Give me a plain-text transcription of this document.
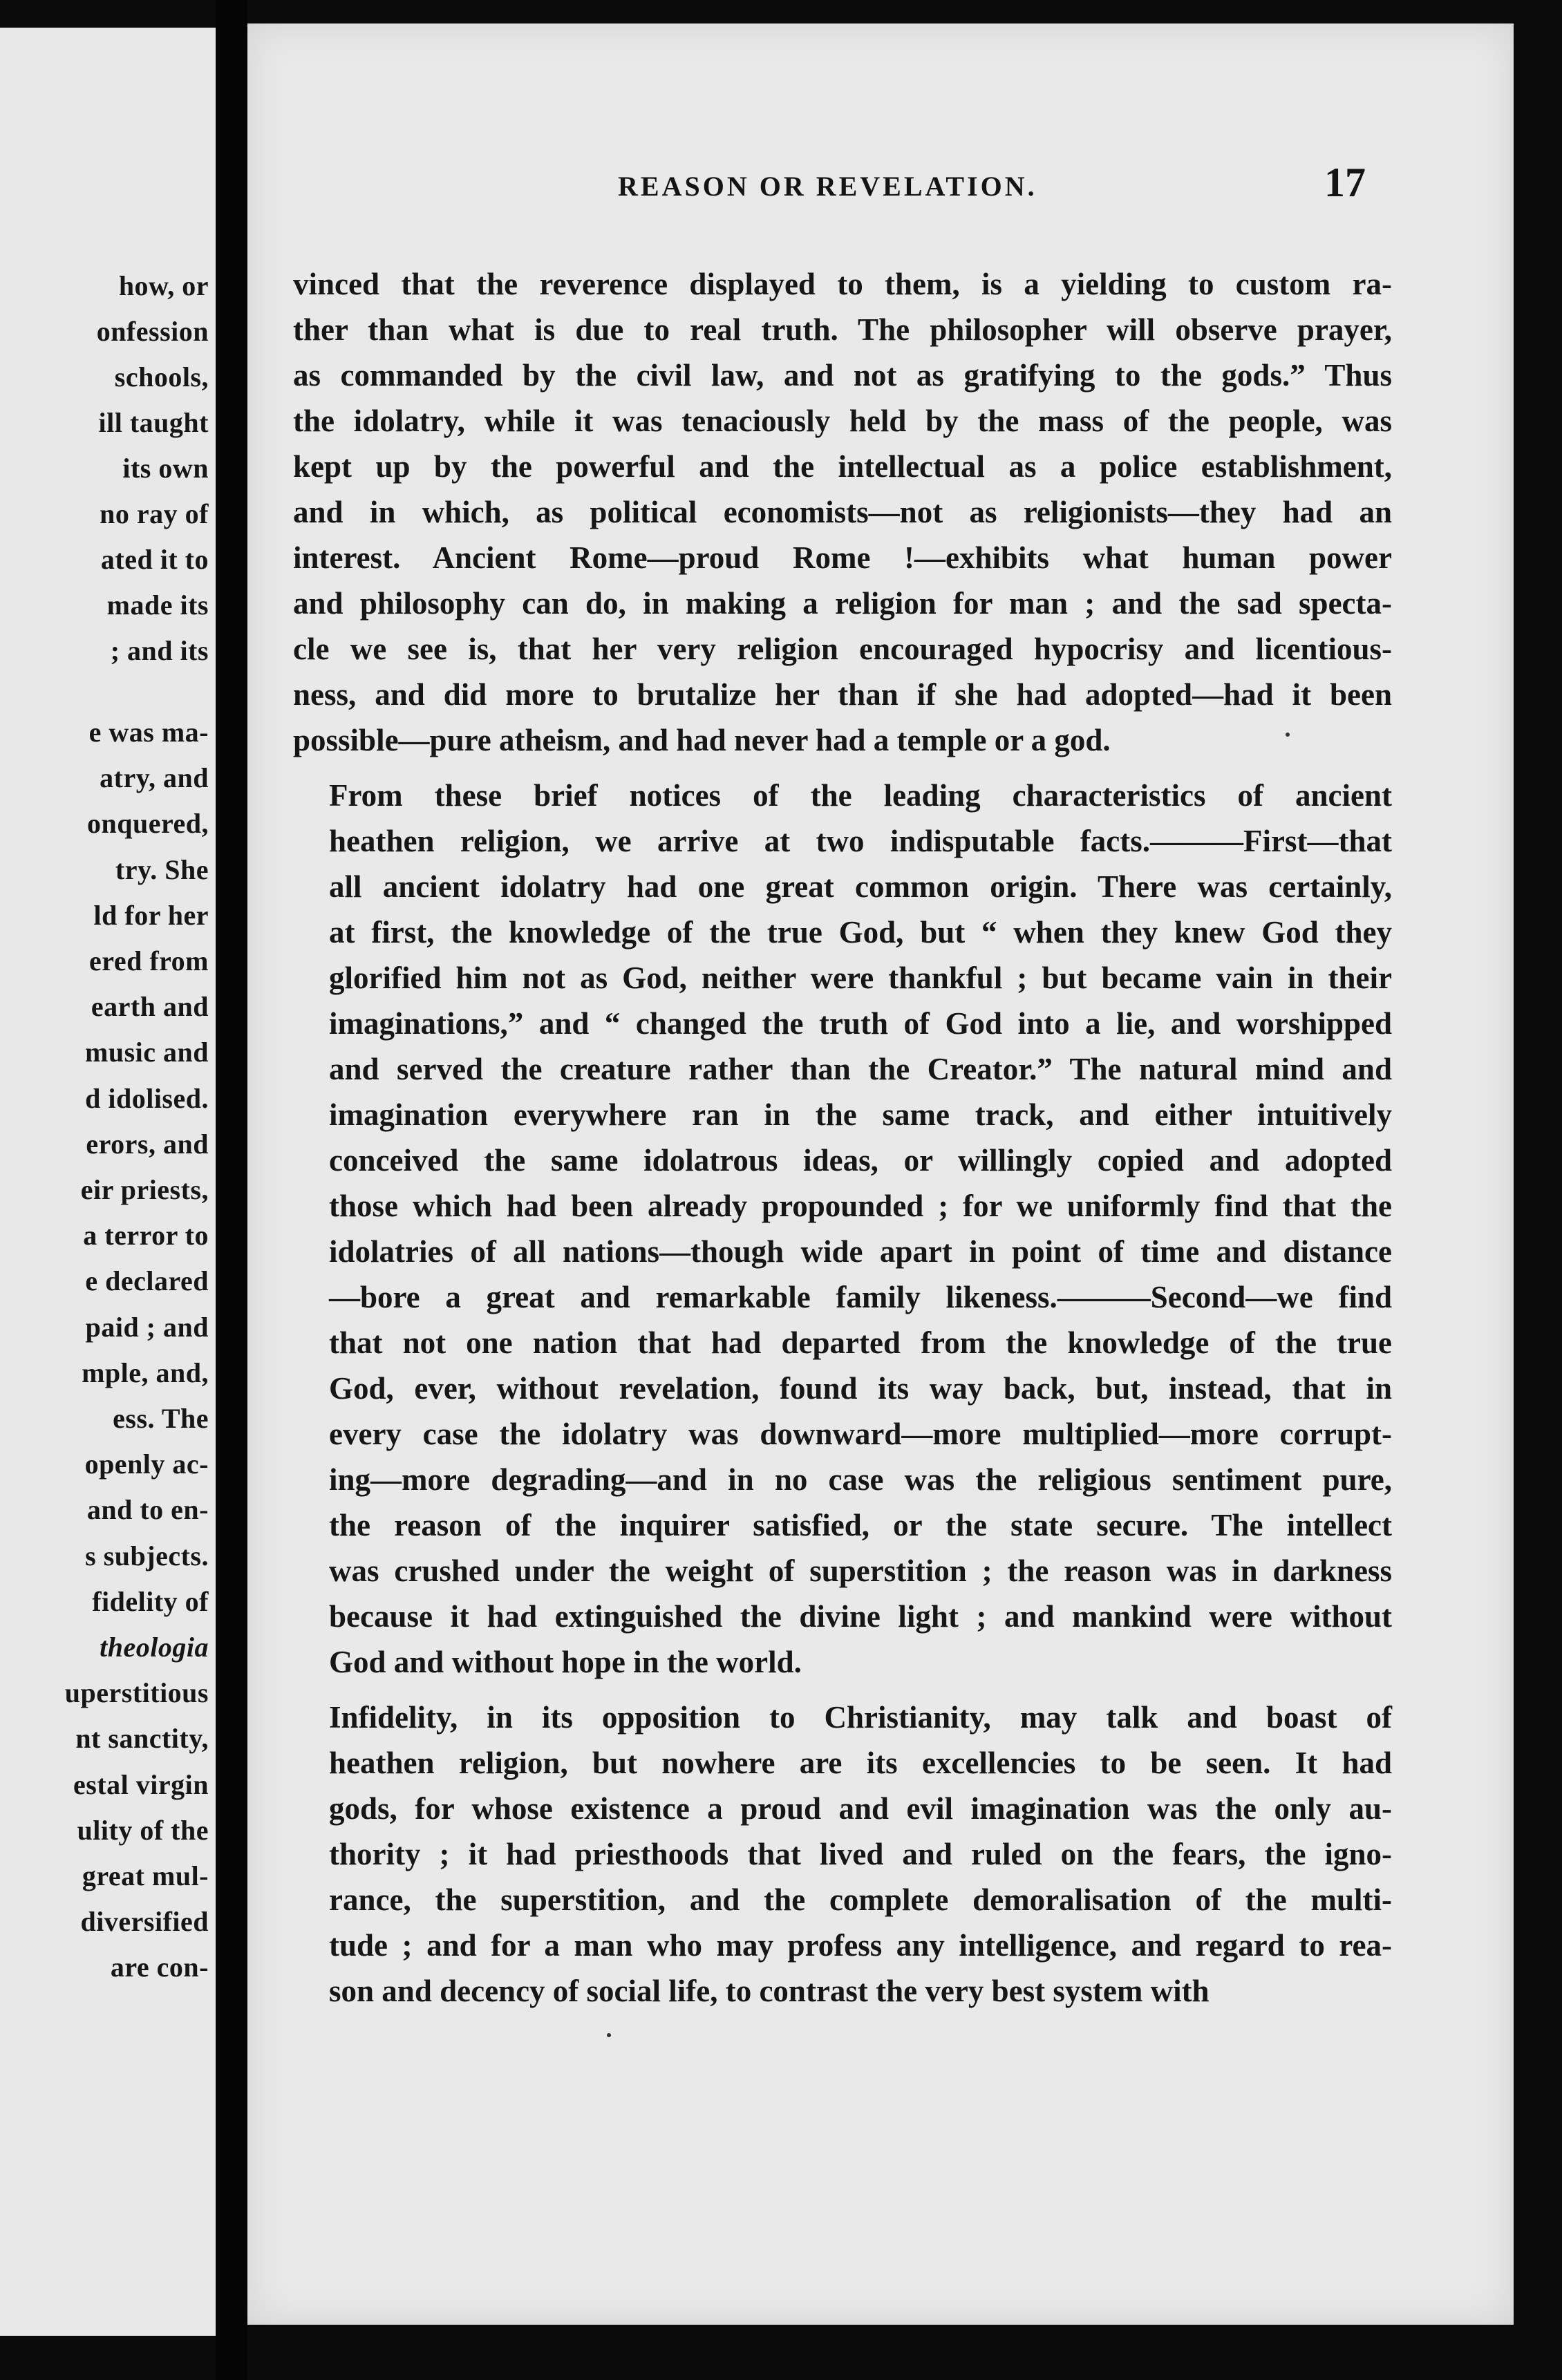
how, or
onfession
schools,
ill taught
its own
no ray of
ated it to
made its
; and its
e was ma-
atry, and
onquered,
try. She
ld for her
ered from
earth and
music and
d idolised.
erors, and
eir priests,
a terror to
e declared
paid ; and
mple, and,
ess. The
openly ac-
and to en-
s subjects.
fidelity of
theologia
uperstitious
nt sanctity,
estal virgin
ulity of the
great mul-
diversified
are con-
REASON OR REVELATION.	17

vinced that the reverence displayed to them, is a yielding to custom ra-
ther than what is due to real truth. The philosopher will observe prayer,
as commanded by the civil law, and not as gratifying to the gods.” Thus
the idolatry, while it was tenaciously held by the mass of the people, was
kept up by the powerful and the intellectual as a police establishment,
and in which, as political economists—not as religionists—they had an
interest. Ancient Rome—proud Rome !—exhibits what human power
and philosophy can do, in making a religion for man ; and the sad specta-
cle we see is, that her very religion encouraged hypocrisy and licentious-
ness, and did more to brutalize her than if she had adopted—had it been
possible—pure atheism, and had never had a temple or a god.

From these brief notices of the leading characteristics of ancient
heathen religion, we arrive at two indisputable facts.———First—that
all ancient idolatry had one great common origin. There was certainly,
at first, the knowledge of the true God, but “ when they knew God they
glorified him not as God, neither were thankful ; but became vain in their
imaginations,” and “ changed the truth of God into a lie, and worshipped
and served the creature rather than the Creator.” The natural mind and
imagination everywhere ran in the same track, and either intuitively
conceived the same idolatrous ideas, or willingly copied and adopted
those which had been already propounded ; for we uniformly find that the
idolatries of all nations—though wide apart in point of time and distance
—bore a great and remarkable family likeness.———Second—we find
that not one nation that had departed from the knowledge of the true
God, ever, without revelation, found its way back, but, instead, that in
every case the idolatry was downward—more multiplied—more corrupt-
ing—more degrading—and in no case was the religious sentiment pure,
the reason of the inquirer satisfied, or the state secure. The intellect
was crushed under the weight of superstition ; the reason was in darkness
because it had extinguished the divine light ; and mankind were without
God and without hope in the world.

Infidelity, in its opposition to Christianity, may talk and boast of
heathen religion, but nowhere are its excellencies to be seen. It had
gods, for whose existence a proud and evil imagination was the only au-
thority ; it had priesthoods that lived and ruled on the fears, the igno-
rance, the superstition, and the complete demoralisation of the multi-
tude ; and for a man who may profess any intelligence, and regard to rea-
son and decency of social life, to contrast the very best system with
